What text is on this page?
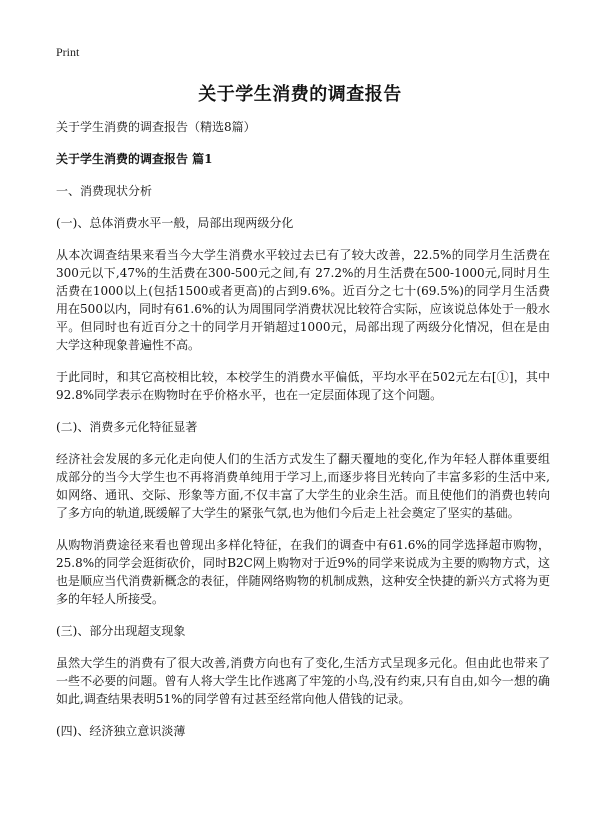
Print
关于学生消费的调查报告

关于学生消费的调查报告（精选8篇）

关于学生消费的调查报告 篇1

一、消费现状分析

(一)、总体消费水平一般，局部出现两级分化

从本次调查结果来看当今大学生消费水平较过去已有了较大改善，22.5%的同学月生活费在300元以下,47%的生活费在300-500元之间,有 27.2%的月生活费在500-1000元,同时月生活费在1000以上(包括1500或者更高)的占到9.6%。近百分之七十(69.5%)的同学月生活费用在500以内，同时有61.6%的认为周围同学消费状况比较符合实际，应该说总体处于一般水平。但同时也有近百分之十的同学月开销超过1000元，局部出现了两级分化情况，但在是由大学这种现象普遍性不高。

于此同时，和其它高校相比较，本校学生的消费水平偏低，平均水平在502元左右[①]，其中92.8%同学表示在购物时在乎价格水平，也在一定层面体现了这个问题。

(二)、消费多元化特征显著

经济社会发展的多元化走向使人们的生活方式发生了翻天覆地的变化,作为年轻人群体重要组成部分的当今大学生也不再将消费单纯用于学习上,而逐步将目光转向了丰富多彩的生活中来,如网络、通讯、交际、形象等方面,不仅丰富了大学生的业余生活。而且使他们的消费也转向了多方向的轨道,既缓解了大学生的紧张气氛,也为他们今后走上社会奠定了坚实的基础。

从购物消费途径来看也曾现出多样化特征，在我们的调查中有61.6%的同学选择超市购物，25.8%的同学会逛街砍价，同时B2C网上购物对于近9%的同学来说成为主要的购物方式，这也是顺应当代消费新概念的表征，伴随网络购物的机制成熟，这种安全快捷的新兴方式将为更多的年轻人所接受。

(三)、部分出现超支现象

虽然大学生的消费有了很大改善,消费方向也有了变化,生活方式呈现多元化。但由此也带来了一些不必要的问题。曾有人将大学生比作逃离了牢笼的小鸟,没有约束,只有自由,如今一想的确如此,调查结果表明51%的同学曾有过甚至经常向他人借钱的记录。

(四)、经济独立意识淡薄
